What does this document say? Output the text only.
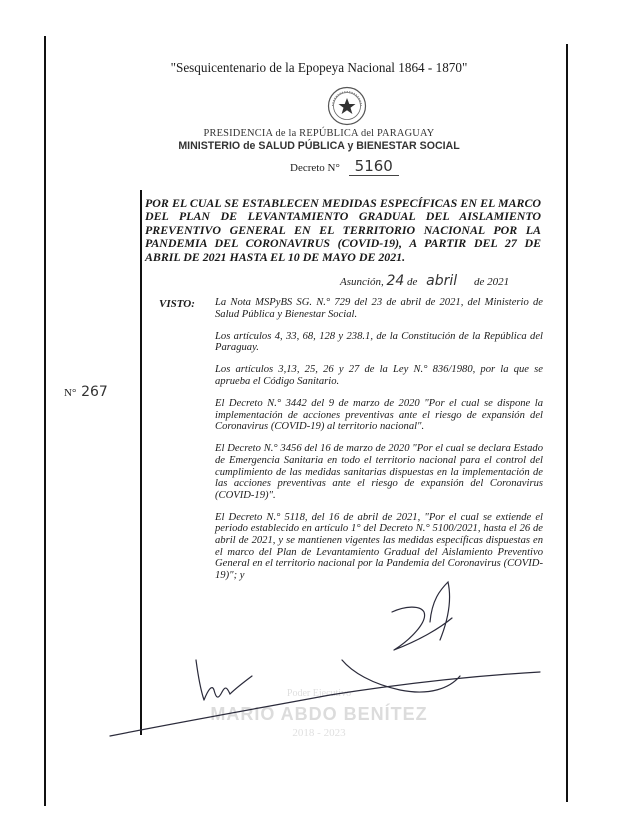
"Sesquicentenario de la Epopeya Nacional 1864 - 1870"
PRESIDENCIA de la REPÚBLICA del PARAGUAY
MINISTERIO de SALUD PÚBLICA y BIENESTAR SOCIAL
Decreto N° 5160
POR EL CUAL SE ESTABLECEN MEDIDAS ESPECÍFICAS EN EL MARCO DEL PLAN DE LEVANTAMIENTO GRADUAL DEL AISLAMIENTO PREVENTIVO GENERAL EN EL TERRITORIO NACIONAL POR LA PANDEMIA DEL CORONAVIRUS (COVID-19), A PARTIR DEL 27 DE ABRIL DE 2021 HASTA EL 10 DE MAYO DE 2021.
Asunción, 24 de abril de 2021
VISTO: La Nota MSPyBS SG. N.° 729 del 23 de abril de 2021, del Ministerio de Salud Pública y Bienestar Social.

Los artículos 4, 33, 68, 128 y 238.1, de la Constitución de la República del Paraguay.

Los artículos 3,13, 25, 26 y 27 de la Ley N.° 836/1980, por la que se aprueba el Código Sanitario.

El Decreto N.° 3442 del 9 de marzo de 2020 "Por el cual se dispone la implementación de acciones preventivas ante el riesgo de expansión del Coronavirus (COVID-19) al territorio nacional".

El Decreto N.° 3456 del 16 de marzo de 2020 "Por el cual se declara Estado de Emergencia Sanitaria en todo el territorio nacional para el control del cumplimiento de las medidas sanitarias dispuestas en la implementación de las acciones preventivas ante el riesgo de expansión del Coronavirus (COVID-19)".

El Decreto N.° 5118, del 16 de abril de 2021, "Por el cual se extiende el periodo establecido en artículo 1° del Decreto N.° 5100/2021, hasta el 26 de abril de 2021, y se mantienen vigentes las medidas específicas dispuestas en el marco del Plan de Levantamiento Gradual del Aislamiento Preventivo General en el territorio nacional por la Pandemia del Coronavirus (COVID-19)"; y

N° 267
Poder Ejecutivo
MARIO ABDO BENÍTEZ
2018 - 2023
